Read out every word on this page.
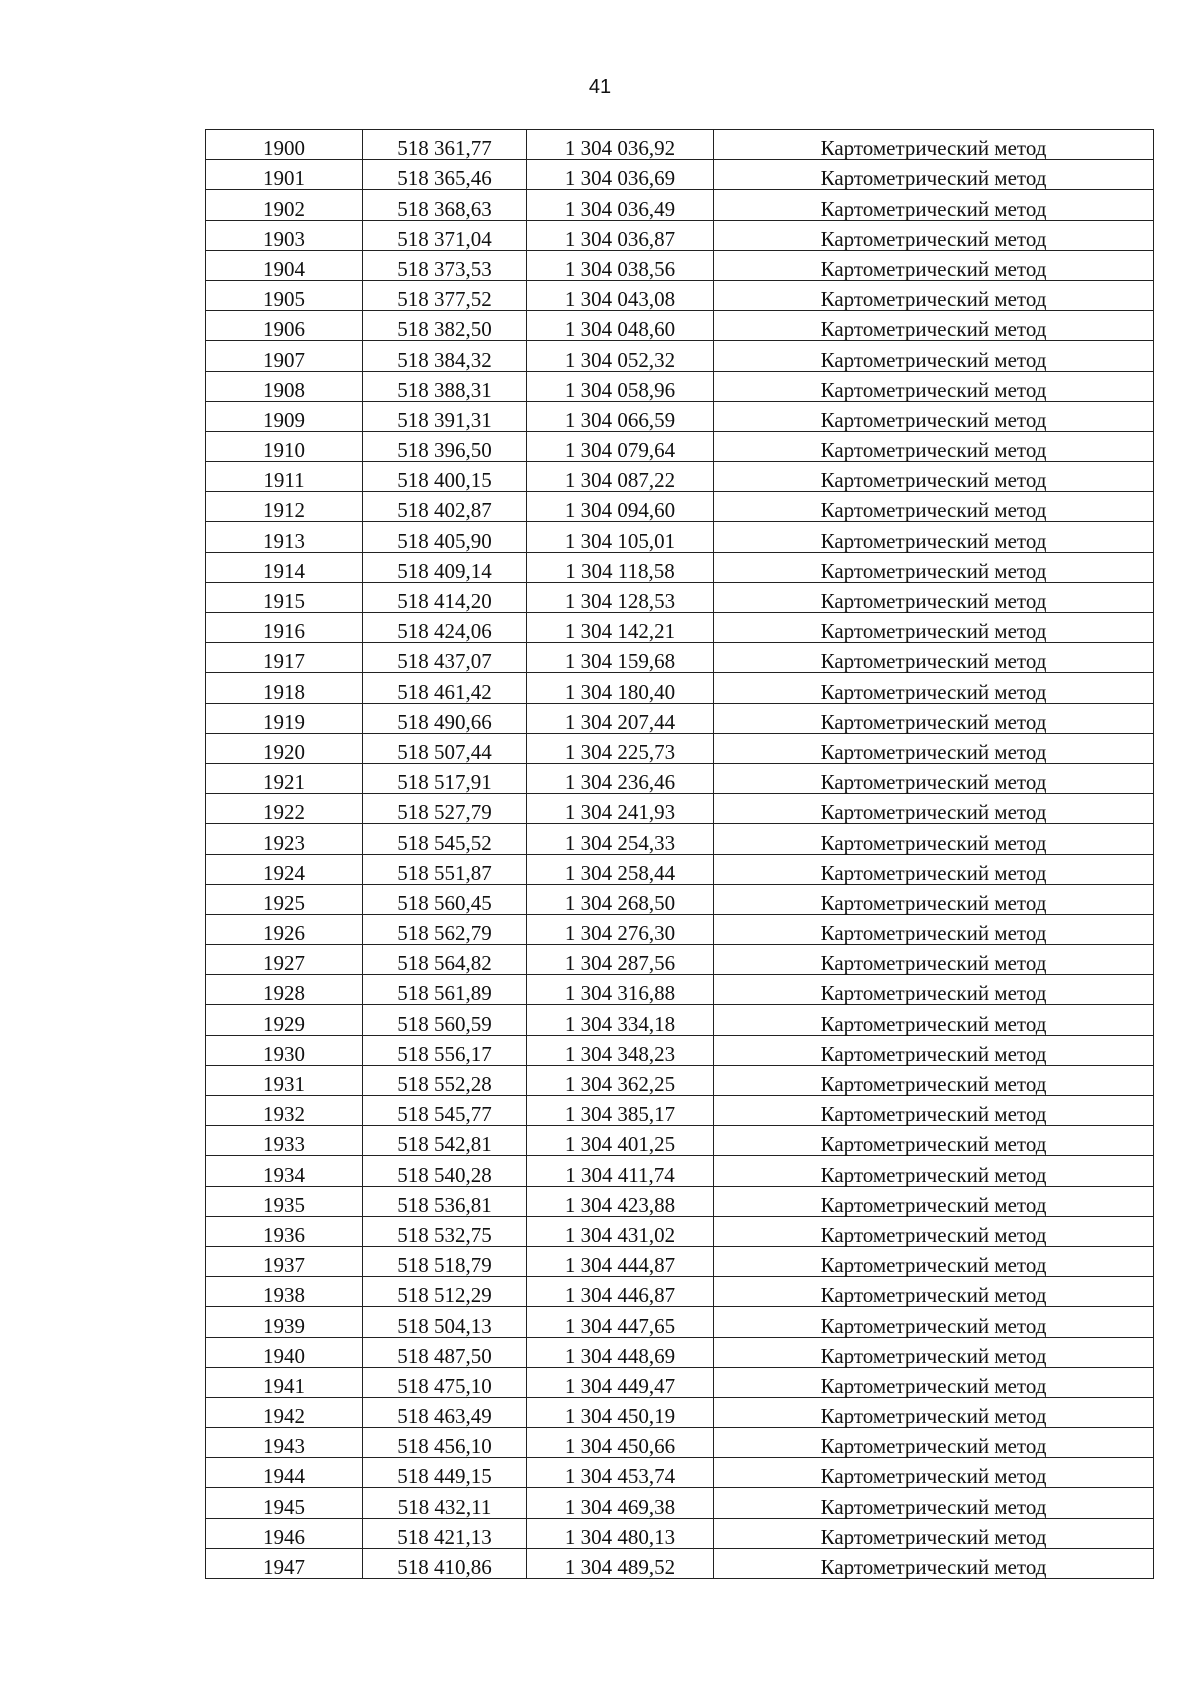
41
1900	518 361,77	1 304 036,92	Картометрический метод
1901	518 365,46	1 304 036,69	Картометрический метод
1902	518 368,63	1 304 036,49	Картометрический метод
1903	518 371,04	1 304 036,87	Картометрический метод
1904	518 373,53	1 304 038,56	Картометрический метод
1905	518 377,52	1 304 043,08	Картометрический метод
1906	518 382,50	1 304 048,60	Картометрический метод
1907	518 384,32	1 304 052,32	Картометрический метод
1908	518 388,31	1 304 058,96	Картометрический метод
1909	518 391,31	1 304 066,59	Картометрический метод
1910	518 396,50	1 304 079,64	Картометрический метод
1911	518 400,15	1 304 087,22	Картометрический метод
1912	518 402,87	1 304 094,60	Картометрический метод
1913	518 405,90	1 304 105,01	Картометрический метод
1914	518 409,14	1 304 118,58	Картометрический метод
1915	518 414,20	1 304 128,53	Картометрический метод
1916	518 424,06	1 304 142,21	Картометрический метод
1917	518 437,07	1 304 159,68	Картометрический метод
1918	518 461,42	1 304 180,40	Картометрический метод
1919	518 490,66	1 304 207,44	Картометрический метод
1920	518 507,44	1 304 225,73	Картометрический метод
1921	518 517,91	1 304 236,46	Картометрический метод
1922	518 527,79	1 304 241,93	Картометрический метод
1923	518 545,52	1 304 254,33	Картометрический метод
1924	518 551,87	1 304 258,44	Картометрический метод
1925	518 560,45	1 304 268,50	Картометрический метод
1926	518 562,79	1 304 276,30	Картометрический метод
1927	518 564,82	1 304 287,56	Картометрический метод
1928	518 561,89	1 304 316,88	Картометрический метод
1929	518 560,59	1 304 334,18	Картометрический метод
1930	518 556,17	1 304 348,23	Картометрический метод
1931	518 552,28	1 304 362,25	Картометрический метод
1932	518 545,77	1 304 385,17	Картометрический метод
1933	518 542,81	1 304 401,25	Картометрический метод
1934	518 540,28	1 304 411,74	Картометрический метод
1935	518 536,81	1 304 423,88	Картометрический метод
1936	518 532,75	1 304 431,02	Картометрический метод
1937	518 518,79	1 304 444,87	Картометрический метод
1938	518 512,29	1 304 446,87	Картометрический метод
1939	518 504,13	1 304 447,65	Картометрический метод
1940	518 487,50	1 304 448,69	Картометрический метод
1941	518 475,10	1 304 449,47	Картометрический метод
1942	518 463,49	1 304 450,19	Картометрический метод
1943	518 456,10	1 304 450,66	Картометрический метод
1944	518 449,15	1 304 453,74	Картометрический метод
1945	518 432,11	1 304 469,38	Картометрический метод
1946	518 421,13	1 304 480,13	Картометрический метод
1947	518 410,86	1 304 489,52	Картометрический метод
